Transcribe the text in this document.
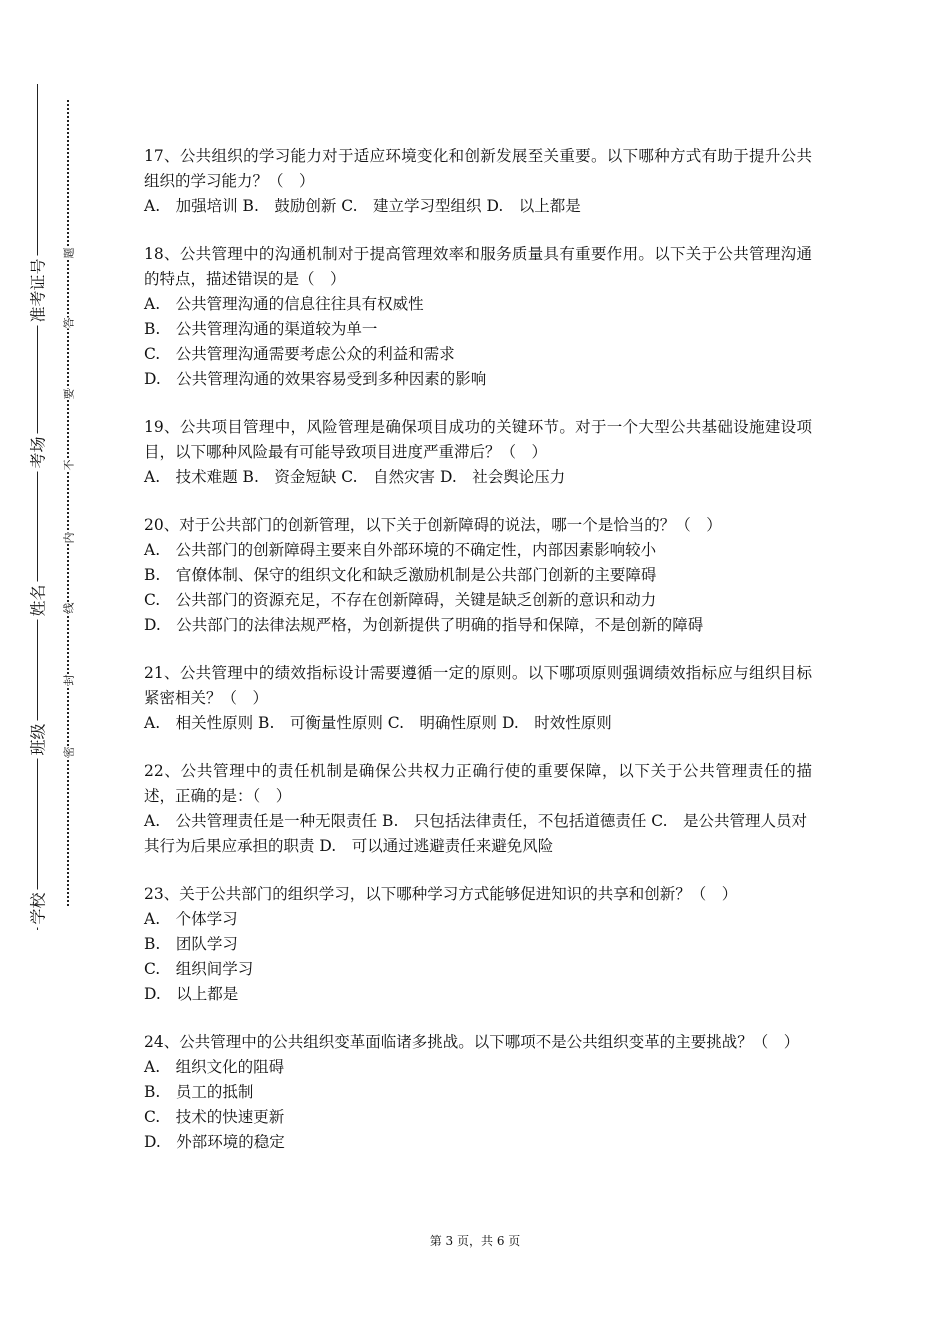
准考证号
考场
姓名
班级
学校
题
答
要
不
内
线
封
密
17、公共组织的学习能力对于适应环境变化和创新发展至关重要。以下哪种方式有助于提升公共组织的学习能力？（　）
A.　加强培训 B.　鼓励创新 C.　建立学习型组织 D.　以上都是
18、公共管理中的沟通机制对于提高管理效率和服务质量具有重要作用。以下关于公共管理沟通的特点，描述错误的是（　）
A.　公共管理沟通的信息往往具有权威性
B.　公共管理沟通的渠道较为单一
C.　公共管理沟通需要考虑公众的利益和需求
D.　公共管理沟通的效果容易受到多种因素的影响
19、公共项目管理中，风险管理是确保项目成功的关键环节。对于一个大型公共基础设施建设项目，以下哪种风险最有可能导致项目进度严重滞后？（　）
A.　技术难题 B.　资金短缺 C.　自然灾害 D.　社会舆论压力
20、对于公共部门的创新管理，以下关于创新障碍的说法，哪一个是恰当的？（　）
A.　公共部门的创新障碍主要来自外部环境的不确定性，内部因素影响较小
B.　官僚体制、保守的组织文化和缺乏激励机制是公共部门创新的主要障碍
C.　公共部门的资源充足，不存在创新障碍，关键是缺乏创新的意识和动力
D.　公共部门的法律法规严格，为创新提供了明确的指导和保障，不是创新的障碍
21、公共管理中的绩效指标设计需要遵循一定的原则。以下哪项原则强调绩效指标应与组织目标紧密相关？（　）
A.　相关性原则 B.　可衡量性原则 C.　明确性原则 D.　时效性原则
22、公共管理中的责任机制是确保公共权力正确行使的重要保障，以下关于公共管理责任的描述，正确的是：（　）
A.　公共管理责任是一种无限责任 B.　只包括法律责任，不包括道德责任 C.　是公共管理人员对其行为后果应承担的职责 D.　可以通过逃避责任来避免风险
23、关于公共部门的组织学习，以下哪种学习方式能够促进知识的共享和创新？（　）
A.　个体学习
B.　团队学习
C.　组织间学习
D.　以上都是
24、公共管理中的公共组织变革面临诸多挑战。以下哪项不是公共组织变革的主要挑战？（　）
A.　组织文化的阻碍
B.　员工的抵制
C.　技术的快速更新
D.　外部环境的稳定
第 3 页，共 6 页
